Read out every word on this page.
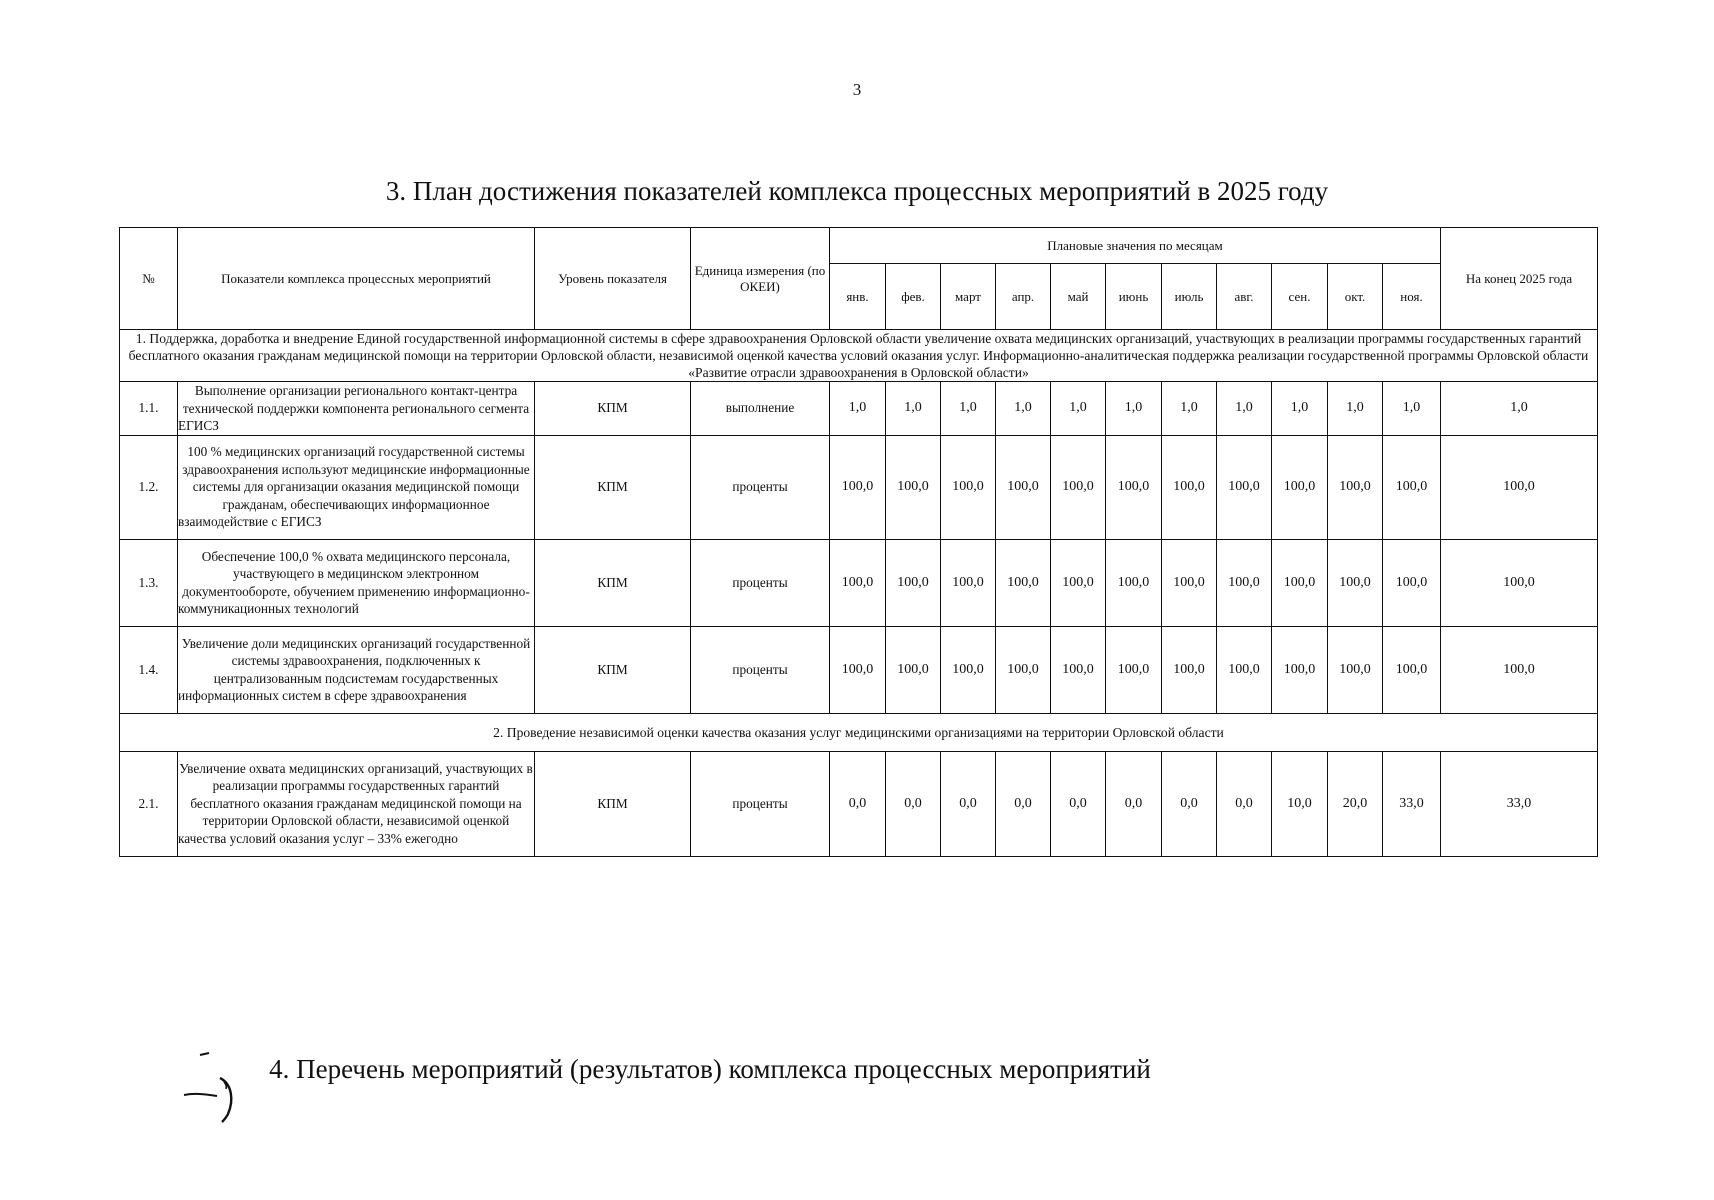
3
3. План достижения показателей комплекса процессных мероприятий в 2025 году
№	Показатели комплекса процессных мероприятий	Уровень показателя	Единица измерения (по ОКЕИ)	Плановые значения по месяцам											На конец 2025 года
				янв.	фев.	март	апр.	май	июнь	июль	авг.	сен.	окт.	ноя.	
1. Поддержка, доработка и внедрение Единой государственной информационной системы в сфере здравоохранения Орловской области увеличение охвата медицинских организаций, участвующих в реализации программы государственных гарантий бесплатного оказания гражданам медицинской помощи на территории Орловской области, независимой оценкой качества условий оказания услуг. Информационно-аналитическая поддержка реализации государственной программы Орловской области «Развитие отрасли здравоохранения в Орловской области»															
1.1.	Выполнение организации регионального контакт-центра технической поддержки компонента регионального сегмента ЕГИСЗ	КПМ	выполнение	1,0	1,0	1,0	1,0	1,0	1,0	1,0	1,0	1,0	1,0	1,0	1,0
1.2.	100 % медицинских организаций государственной системы здравоохранения используют медицинские информационные системы для организации оказания медицинской помощи гражданам, обеспечивающих информационное взаимодействие с ЕГИСЗ	КПМ	проценты	100,0	100,0	100,0	100,0	100,0	100,0	100,0	100,0	100,0	100,0	100,0	100,0
1.3.	Обеспечение 100,0 % охвата медицинского персонала, участвующего в медицинском электронном документообороте, обучением применению информационно-коммуникационных технологий	КПМ	проценты	100,0	100,0	100,0	100,0	100,0	100,0	100,0	100,0	100,0	100,0	100,0	100,0
1.4.	Увеличение доли медицинских организаций государственной системы здравоохранения, подключенных к централизованным подсистемам государственных информационных систем в сфере здравоохранения	КПМ	проценты	100,0	100,0	100,0	100,0	100,0	100,0	100,0	100,0	100,0	100,0	100,0	100,0
2. Проведение независимой оценки качества оказания услуг медицинскими организациями на территории Орловской области															
2.1.	Увеличение охвата медицинских организаций, участвующих в реализации программы государственных гарантий бесплатного оказания гражданам медицинской помощи на территории Орловской области, независимой оценкой качества условий оказания услуг – 33% ежегодно	КПМ	проценты	0,0	0,0	0,0	0,0	0,0	0,0	0,0	0,0	10,0	20,0	33,0	33,0
4. Перечень мероприятий (результатов) комплекса процессных мероприятий
